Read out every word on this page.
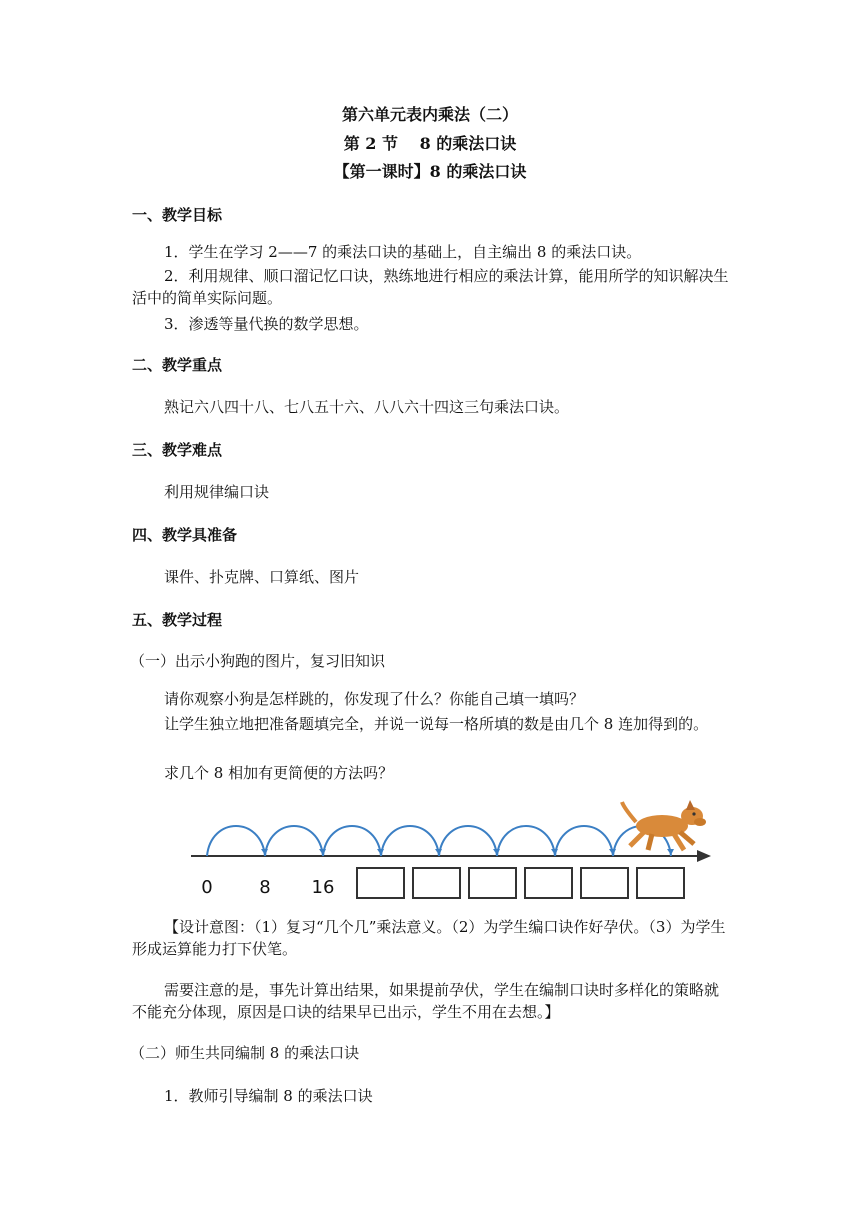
第六单元表内乘法（二）
第 2 节　 8 的乘法口诀
【第一课时】8 的乘法口诀
一、教学目标

1．学生在学习 2——7 的乘法口诀的基础上，自主编出 8 的乘法口诀。

2．利用规律、顺口溜记忆口诀，熟练地进行相应的乘法计算，能用所学的知识解决生活中的简单实际问题。

3．渗透等量代换的数学思想。

二、教学重点

熟记六八四十八、七八五十六、八八六十四这三句乘法口诀。

三、教学难点

利用规律编口诀

四、教学具准备

课件、扑克牌、口算纸、图片

五、教学过程
（一）出示小狗跑的图片，复习旧知识

请你观察小狗是怎样跳的，你发现了什么？你能自己填一填吗？

让学生独立地把准备题填完全，并说一说每一格所填的数是由几个 8 连加得到的。

求几个 8 相加有更简便的方法吗？

0	8 16

【设计意图：（1）复习“几个几”乘法意义。（2）为学生编口诀作好孕伏。（3）为学生形成运算能力打下伏笔。

需要注意的是，事先计算出结果，如果提前孕伏，学生在编制口诀时多样化的策略就不能充分体现，原因是口诀的结果早已出示，学生不用在去想。】

（二）师生共同编制 8 的乘法口诀

1．教师引导编制 8 的乘法口诀
